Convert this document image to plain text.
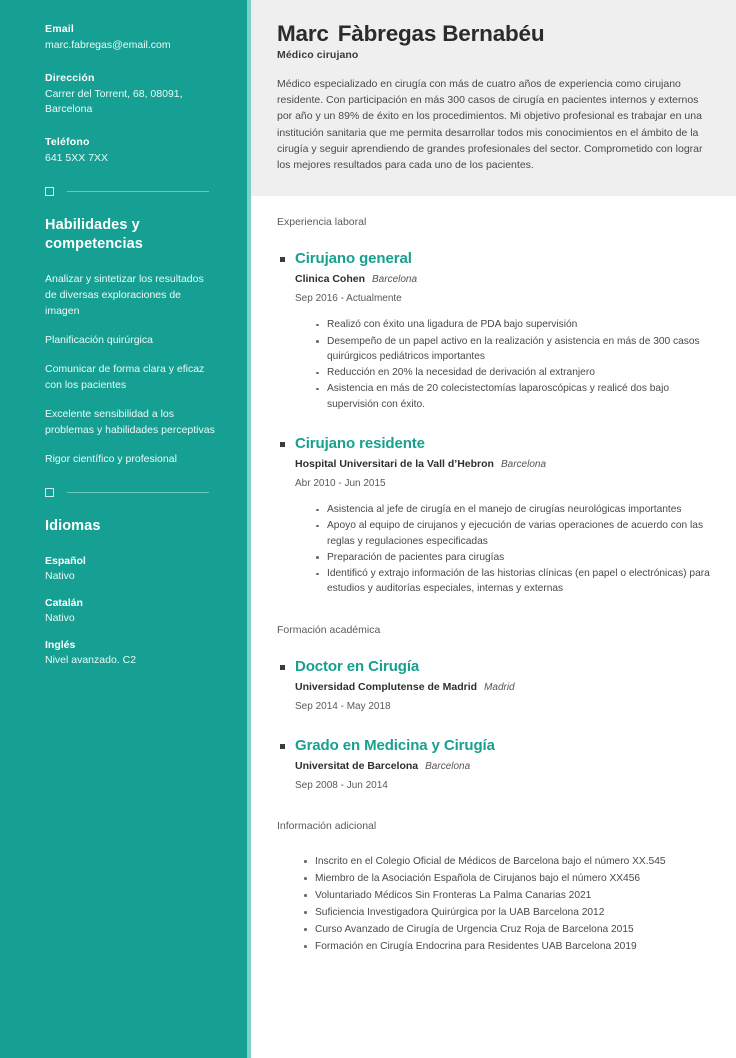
Email
marc.fabregas@email.com
Dirección
Carrer del Torrent, 68, 08091, Barcelona
Teléfono
641 5XX 7XX
Habilidades y competencias
Analizar y sintetizar los resultados de diversas exploraciones de imagen
Planificación quirúrgica
Comunicar de forma clara y eficaz con los pacientes
Excelente sensibilidad a los problemas y habilidades perceptivas
Rigor científico y profesional
Idiomas
Español
Nativo
Catalán
Nativo
Inglés
Nivel avanzado. C2
Marc Fàbregas Bernabéu
Médico cirujano
Médico especializado en cirugía con más de cuatro años de experiencia como cirujano residente. Con participación en más 300 casos de cirugía en pacientes internos y externos por año y un 89% de éxito en los procedimientos. Mi objetivo profesional es trabajar en una institución sanitaria que me permita desarrollar todos mis conocimientos en el ámbito de la cirugía y seguir aprendiendo de grandes profesionales del sector. Comprometido con lograr los mejores resultados para cada uno de los pacientes.
Experiencia laboral
Cirujano general
Clinica Cohen Barcelona
Sep 2016 - Actualmente
Realizó con éxito una ligadura de PDA bajo supervisión
Desempeño de un papel activo en la realización y asistencia en más de 300 casos quirúrgicos pediátricos importantes
Reducción en 20% la necesidad de derivación al extranjero
Asistencia en más de 20 colecistectomías laparoscópicas y realicé dos bajo supervisión con éxito.
Cirujano residente
Hospital Universitari de la Vall d’Hebron Barcelona
Abr 2010 - Jun 2015
Asistencia al jefe de cirugía en el manejo de cirugías neurológicas importantes
Apoyo al equipo de cirujanos y ejecución de varias operaciones de acuerdo con las reglas y regulaciones especificadas
Preparación de pacientes para cirugías
Identificó y extrajo información de las historias clínicas (en papel o electrónicas) para estudios y auditorías especiales, internas y externas
Formación académica
Doctor en Cirugía
Universidad Complutense de Madrid Madrid
Sep 2014 - May 2018
Grado en Medicina y Cirugía
Universitat de Barcelona Barcelona
Sep 2008 - Jun 2014
Información adicional
Inscrito en el Colegio Oficial de Médicos de Barcelona bajo el número XX.545
Miembro de la Asociación Española de Cirujanos bajo el número XX456
Voluntariado Médicos Sin Fronteras La Palma Canarias 2021
Suficiencia Investigadora Quirúrgica por la UAB Barcelona 2012
Curso Avanzado de Cirugía de Urgencia Cruz Roja de Barcelona 2015
Formación en Cirugía Endocrina para Residentes UAB Barcelona 2019
